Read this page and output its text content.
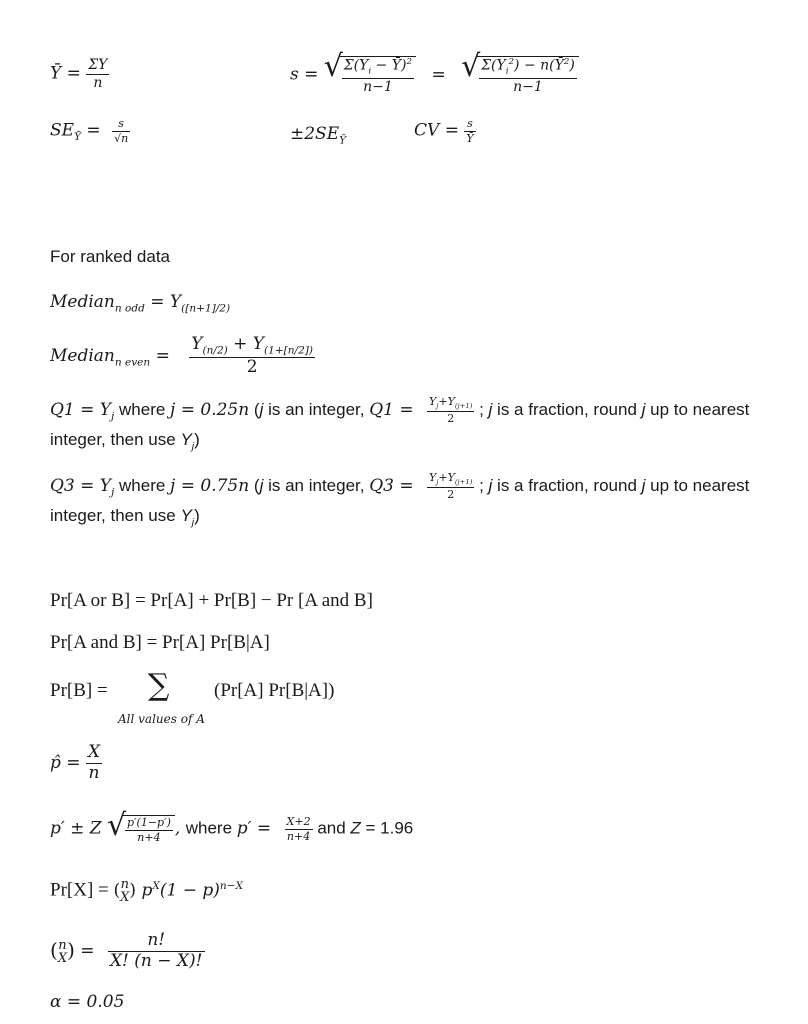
Ȳ = $\frac{\Sigma Y}{n}$	s = √
$\frac{\Sigma(Y_i - Ȳ)^2}{n-1}$ = √
$\frac{\Sigma(Y_i^2) - n(Ȳ^2)}{n-1}$
$SE_Ȳ = \frac{s}{√n}$	$\pm 2SE_Ȳ$	CV = $\frac{s}{Ȳ}$
For ranked data
Median$_{n odd}$ = $Y_{([n+1]/2)}$
Median$_{n even}$ = $\frac{Y_{(n/2)} + Y_{(1+[n/2])}}{2}$
$Q1 = Y_j$ where j = 0.25n (j is an integer, $Q1 = \frac{Y_j+Y_{(j+1)}}{2}$ ; j is a fraction, round j up to nearest
integer, then use $Y_j$)
$Q3 = Y_j$ where j = 0.75n (j is an integer, $Q3 = \frac{Y_j+Y_{(j+1)}}{2}$ ; j is a fraction, round j up to nearest
integer, then use $Y_j$)
Pr[A or B] = Pr[A] + Pr[B] − Pr [A and B]
Pr[A and B] = Pr[A] Pr[B|A]
Pr[B] = ∑
All values of A
(Pr[A] Pr[B|A])
p̂ = $\frac{X}{n}$
p′ ± Z √
$\frac{p'(1-p')}{n+4}$ , where $p' = \frac{X+2}{n+4}$ and Z = 1.96
Pr[X] = ( n
X ) $p^X(1 - p)^{n-X}$
( n
X ) = $\frac{n!}{X! (n - X)!}$
α = 0.05
